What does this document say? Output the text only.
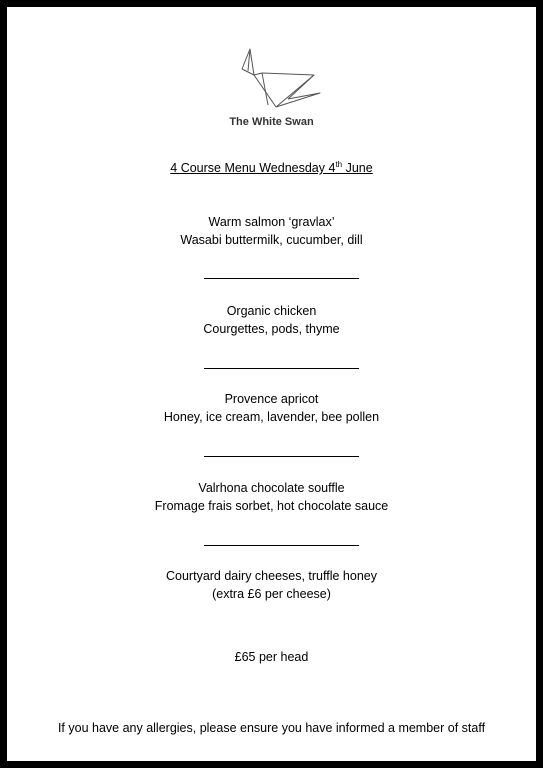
The White Swan
4 Course Menu Wednesday 4th June
Warm salmon ‘gravlax’
Wasabi buttermilk, cucumber, dill
Organic chicken
Courgettes, pods, thyme
Provence apricot
Honey, ice cream, lavender, bee pollen
Valrhona chocolate souffle
Fromage frais sorbet, hot chocolate sauce
Courtyard dairy cheeses, truffle honey
(extra £6 per cheese)
£65 per head
If you have any allergies, please ensure you have informed a member of staff
